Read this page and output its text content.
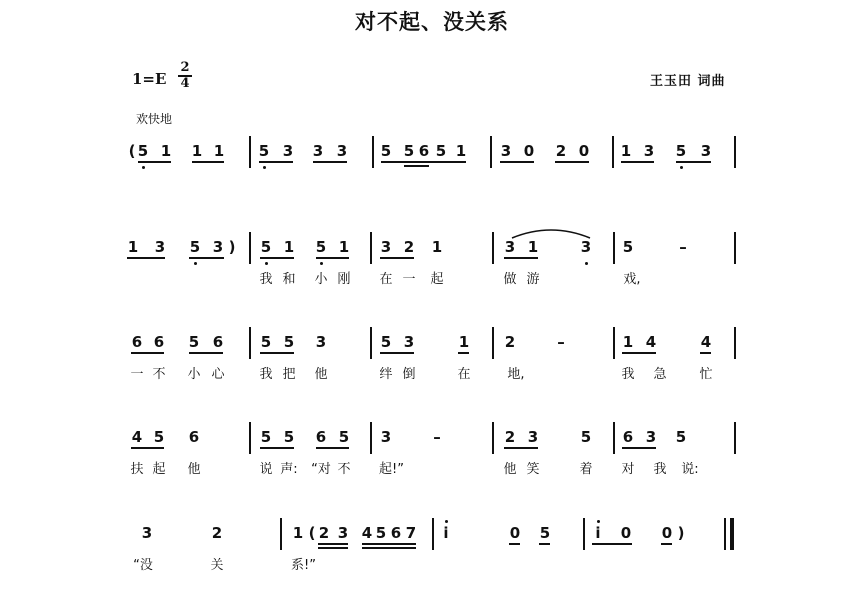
对不起、没关系
1=E
2
4	王玉田 词曲
欢快地
( 5 1 1 1 5 3 3 3 5 5 6 5 1 3 0 2 0 1 3 5 3
1 3 5 3 ) 5 1 5 1 3 2 1	3 1	3 5	–
我 和	小 刚	在 一	起	做 游	戏,
6 6 5 6	5 5 3	5 3	1 2	–	1 4	4
一 不	小 心	我 把	他	绊 倒	在	地,	我	急	忙
4 5 6	5 5 6 5 3	–	2 3	5 6 3 5
扶 起	他	说 声: “对 不	起!”	他 笑	着	对	我	说:
3	2	1 ( 2 3 4 5 6 7 i	0 5	i 0 0 )
“没	关	系!”
